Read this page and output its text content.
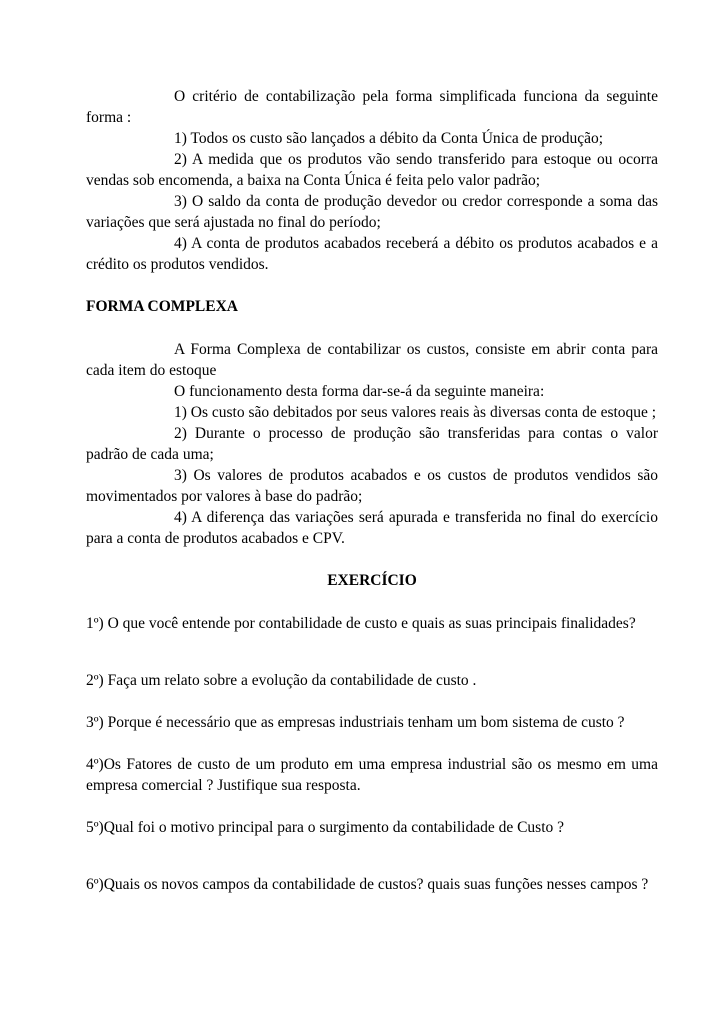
O critério de contabilização pela forma simplificada funciona da seguinte forma :

1) Todos os custo são lançados a débito da Conta Única de produção;

2) A medida que os produtos vão sendo transferido para estoque ou ocorra vendas sob encomenda, a baixa na Conta Única é feita pelo valor padrão;

3) O saldo da conta de produção devedor ou credor corresponde a soma das variações que será ajustada no final do período;

4) A conta de produtos acabados receberá a débito os produtos acabados e a crédito os produtos vendidos.

FORMA COMPLEXA

A Forma Complexa de contabilizar os custos, consiste em abrir conta para cada item do estoque

O funcionamento desta forma dar-se-á da seguinte maneira:

1) Os custo são debitados por seus valores reais às diversas conta de estoque ;

2) Durante o processo de produção são transferidas para contas o valor padrão de cada uma;

3) Os valores de produtos acabados e os custos de produtos vendidos são movimentados por valores à base do padrão;

4) A diferença das variações será apurada e transferida no final do exercício para a conta de produtos acabados e CPV.

EXERCÍCIO

1º) O que você entende por contabilidade de custo e quais as suas principais finalidades?

2º) Faça um relato sobre a evolução da contabilidade de custo .

3º) Porque é necessário que as empresas industriais tenham um bom sistema de custo ?

4º)Os Fatores de custo de um produto em uma empresa industrial são os mesmo em uma empresa comercial ? Justifique sua resposta.

5º)Qual foi o motivo principal para o surgimento da contabilidade de Custo ?

6º)Quais os novos campos da contabilidade de custos? quais suas funções nesses campos ?
